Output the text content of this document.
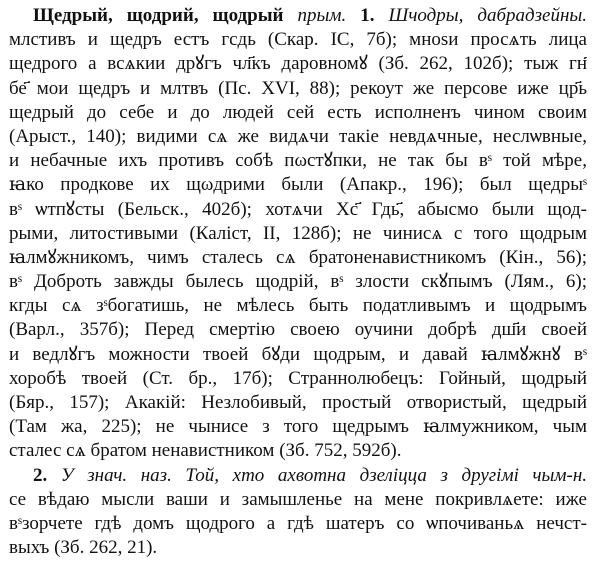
Щедрый, щодрий, щодрый прым. 1. Шчодры, дабрадзейны.
млстивъ и щедръ естъ гсдь (Скар. IC, 7б); мноѕи просѧть лица
щедрого а всѧкии дрꙋгъ чл҃къ даровномꙋ (Зб. 262, 102б); тыж гн҃
бе҃ мои щедръ и млтвъ (Пс. XVI, 88); рекоут же персове иже цр҃ь
щедрый до себе и до людей сей есть исполненъ чином своим
(Арыст., 140); видими сѧ же видѧчи такіе невдѧчные, неслѡвные,
и небачные ихъ противъ собѣ пωстꙋпки, не так бы вˢ той мѣре,
ꙗко продкове их щωдрими были (Апакр., 196); был щедрыˢ
вˢ ѡтпꙋсты (Бельск., 402б); хотѧчи Хс҃ Гдь҃, абысмо были щод-
рыми, литостивыми (Каліст, II, 128б); не чинисѧ с того щодрым
ꙗлмꙋжникомъ, чимъ сталесь сѧ братоненавистникомъ (Кін., 56);
вˢ Доброть завжды былесь щодрій, вˢ злости скꙋпымъ (Лям., 6);
кгды сѧ зˢбогатишь, не мѣлесь быть податливымъ и щодрымъ
(Варл., 357б); Перед смертію своею оучини добрѣ дш҃и своей
и ведлꙋгъ можности твоей бꙋди щодрым, и давай ꙗлмꙋжнꙋ вˢ
хоробѣ твоей (Ст. бр., 17б); Страннолюбецъ: Гойный, щодрый
(Бяр., 157); Акакій: Незлобивый, простый отвористый, щедрый
(Там жа, 225); не чынисе з того щедрымъ ꙗлмужником, чым
сталес сѧ братом ненавистником (Зб. 752, 592б).
2. У знач. наз. Той, хто ахвотна дзеліцца з другімі чым-н.
се вѣдаю мысли ваши и замышленье на мене покривлѧете: иже
вˢзорчете гдѣ домъ щодрого а гдѣ шатеръ со ѡпочиваньѧ нечст-
выхъ (Зб. 262, 21).
